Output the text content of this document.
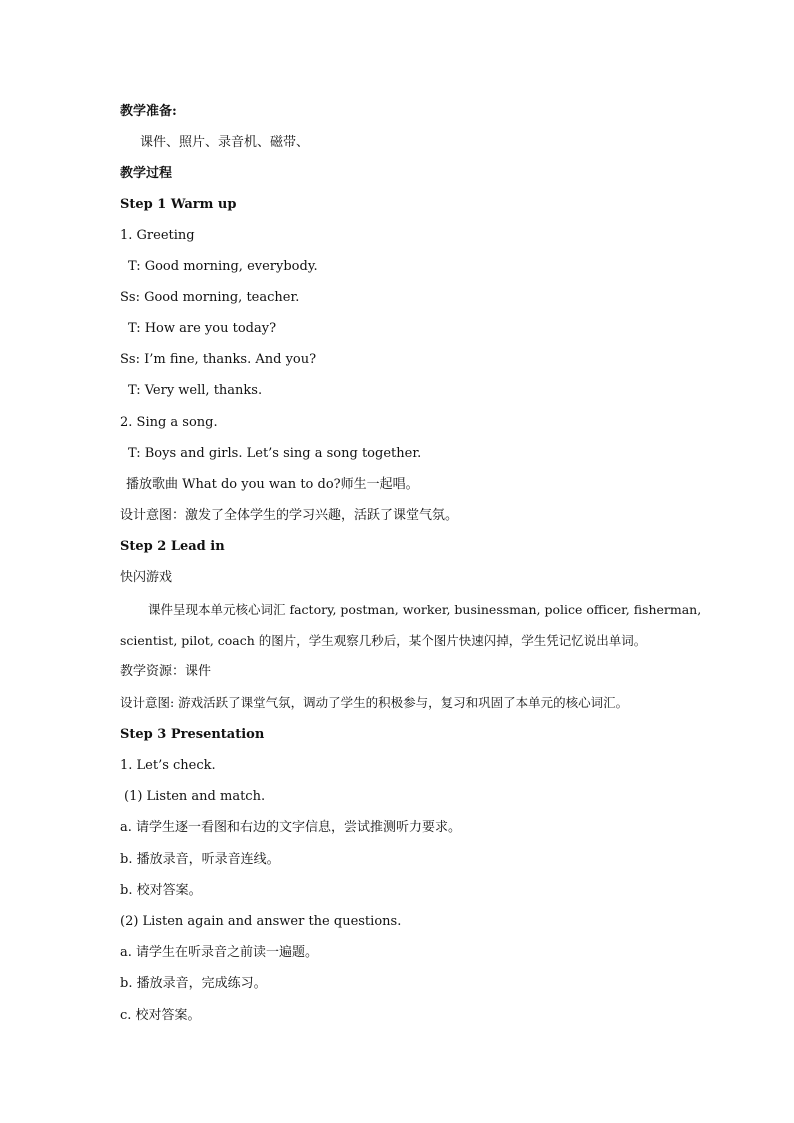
教学准备:
课件、照片、录音机、磁带、
教学过程
Step 1 Warm up
1. Greeting
T: Good morning, everybody.
Ss: Good morning, teacher.
T: How are you today?
Ss: I’m fine, thanks. And you?
T: Very well, thanks.
2. Sing a song.
T: Boys and girls. Let’s sing a song together.
播放歌曲 What do you wan to do?师生一起唱。
设计意图：激发了全体学生的学习兴趣，活跃了课堂气氛。
Step 2 Lead in
快闪游戏
课件呈现本单元核心词汇 factory, postman, worker, businessman, police officer, fisherman,
scientist, pilot, coach 的图片，学生观察几秒后，某个图片快速闪掉，学生凭记忆说出单词。
教学资源：课件
设计意图: 游戏活跃了课堂气氛，调动了学生的积极参与，复习和巩固了本单元的核心词汇。
Step 3 Presentation
1. Let’s check.
(1) Listen and match.
a. 请学生逐一看图和右边的文字信息，尝试推测听力要求。
b. 播放录音，听录音连线。
b. 校对答案。
(2) Listen again and answer the questions.
a. 请学生在听录音之前读一遍题。
b. 播放录音，完成练习。
c. 校对答案。
